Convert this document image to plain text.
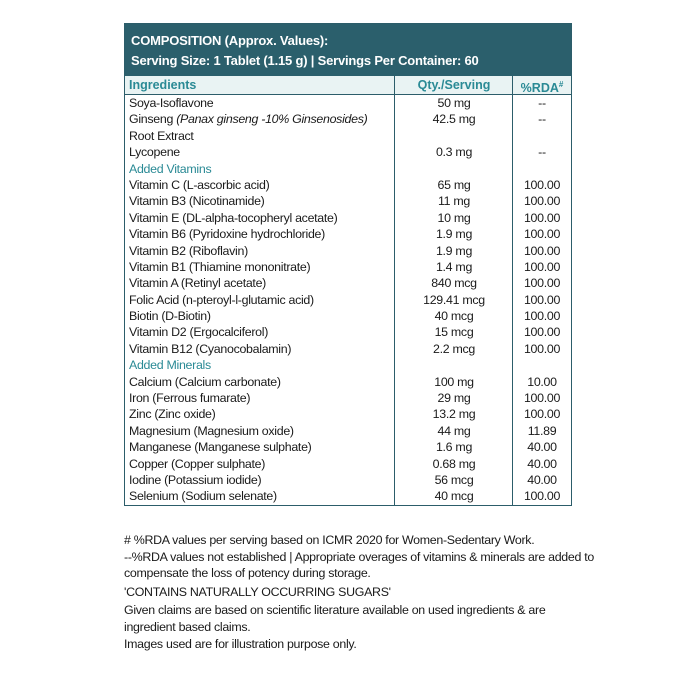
COMPOSITION (Approx. Values):
Serving Size: 1 Tablet (1.15 g) | Servings Per Container: 60
Ingredients	Qty./Serving	%RDA#
Soya-Isoflavone	50 mg	--
Ginseng (Panax ginseng -10% Ginsenosides)	42.5 mg	--
Root Extract
Lycopene	0.3 mg	--
Added Vitamins
Vitamin C (L-ascorbic acid)	65 mg	100.00
Vitamin B3 (Nicotinamide)	11 mg	100.00
Vitamin E (DL-alpha-tocopheryl acetate)	10 mg	100.00
Vitamin B6 (Pyridoxine hydrochloride)	1.9 mg	100.00
Vitamin B2 (Riboflavin)	1.9 mg	100.00
Vitamin B1 (Thiamine mononitrate)	1.4 mg	100.00
Vitamin A (Retinyl acetate)	840 mcg	100.00
Folic Acid (n-pteroyl-l-glutamic acid)	129.41 mcg	100.00
Biotin (D-Biotin)	40 mcg	100.00
Vitamin D2 (Ergocalciferol)	15 mcg	100.00
Vitamin B12 (Cyanocobalamin)	2.2 mcg	100.00
Added Minerals
Calcium (Calcium carbonate)	100 mg	10.00
Iron (Ferrous fumarate)	29 mg	100.00
Zinc (Zinc oxide)	13.2 mg	100.00
Magnesium (Magnesium oxide)	44 mg	11.89
Manganese (Manganese sulphate)	1.6 mg	40.00
Copper (Copper sulphate)	0.68 mg	40.00
Iodine (Potassium iodide)	56 mcg	40.00
Selenium (Sodium selenate)	40 mcg	100.00

# %RDA values per serving based on ICMR 2020 for Women-Sedentary Work.

--%RDA values not established | Appropriate overages of vitamins & minerals are added to compensate the loss of potency during storage.

'CONTAINS NATURALLY OCCURRING SUGARS'

Given claims are based on scientific literature available on used ingredients & are ingredient based claims.

Images used are for illustration purpose only.
